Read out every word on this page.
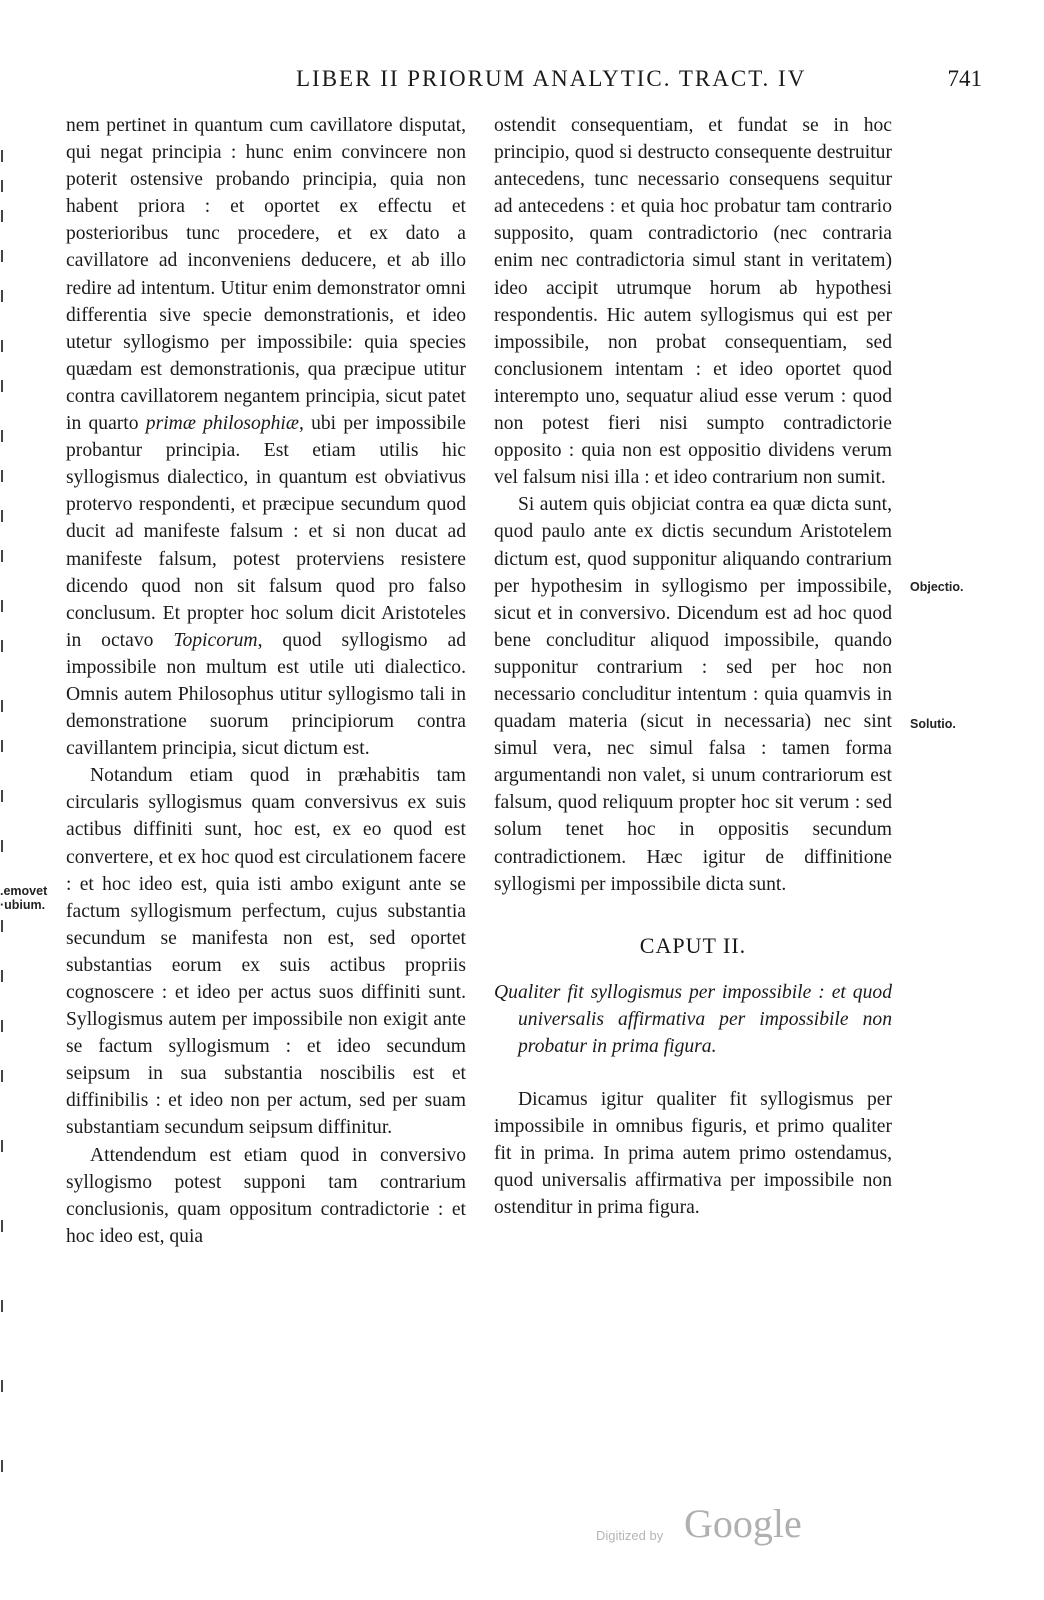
LIBER II PRIORUM ANALYTIC. TRACT. IV	741

nem pertinet in quantum cum cavillatore disputat, qui negat principia : hunc enim convincere non poterit ostensive probando principia, quia non habent priora : et oportet ex effectu et posterioribus tunc procedere, et ex dato a cavillatore ad inconveniens deducere, et ab illo redire ad intentum. Utitur enim demonstrator omni differentia sive specie demonstrationis, et ideo utetur syllogismo per impossibile: quia species quædam est demonstrationis, qua præcipue utitur contra cavillatorem negantem principia, sicut patet in quarto primæ philosophiæ, ubi per impossibile probantur principia. Est etiam utilis hic syllogismus dialectico, in quantum est obviativus protervo respondenti, et præcipue secundum quod ducit ad manifeste falsum : et si non ducat ad manifeste falsum, potest proterviens resistere dicendo quod non sit falsum quod pro falso conclusum. Et propter hoc solum dicit Aristoteles in octavo Topicorum, quod syllogismo ad impossibile non multum est utile uti dialectico. Omnis autem Philosophus utitur syllogismo tali in demonstratione suorum principiorum contra cavillantem principia, sicut dictum est.

Notandum etiam quod in præhabitis tam circularis syllogismus quam conversivus ex suis actibus diffiniti sunt, hoc est, ex eo quod est convertere, et ex hoc quod est circulationem facere : et hoc ideo est, quia isti ambo exigunt ante se factum syllogismum perfectum, cujus substantia secundum se manifesta non est, sed oportet substantias eorum ex suis actibus propriis cognoscere : et ideo per actus suos diffiniti sunt. Syllogismus autem per impossibile non exigit ante se factum syllogismum : et ideo secundum seipsum in sua substantia noscibilis est et diffinibilis : et ideo non per actum, sed per suam substantiam secundum seipsum diffinitur.

Attendendum est etiam quod in conversivo syllogismo potest supponi tam contrarium conclusionis, quam oppositum contradictorie : et hoc ideo est, quia

ostendit consequentiam, et fundat se in hoc principio, quod si destructo consequente destruitur antecedens, tunc necessario consequens sequitur ad antecedens : et quia hoc probatur tam contrario supposito, quam contradictorio (nec contraria enim nec contradictoria simul stant in veritatem) ideo accipit utrumque horum ab hypothesi respondentis. Hic autem syllogismus qui est per impossibile, non probat consequentiam, sed conclusionem intentam : et ideo oportet quod interempto uno, sequatur aliud esse verum : quod non potest fieri nisi sumpto contradictorie opposito : quia non est oppositio dividens verum vel falsum nisi illa : et ideo contrarium non sumit.

Si autem quis objiciat contra ea quæ dicta sunt, quod paulo ante ex dictis secundum Aristotelem dictum est, quod supponitur aliquando contrarium per hypothesim in syllogismo per impossibile, sicut et in conversivo. Dicendum est ad hoc quod bene concluditur aliquod impossibile, quando supponitur contrarium : sed per hoc non necessario concluditur intentum : quia quamvis in quadam materia (sicut in necessaria) nec sint simul vera, nec simul falsa : tamen forma argumentandi non valet, si unum contrariorum est falsum, quod reliquum propter hoc sit verum : sed solum tenet hoc in oppositis secundum contradictionem. Hæc igitur de diffinitione syllogismi per impossibile dicta sunt.

CAPUT II.

Qualiter fit syllogismus per impossibile : et quod universalis affirmativa per impossibile non probatur in prima figura.

Dicamus igitur qualiter fit syllogismus per impossibile in omnibus figuris, et primo qualiter fit in prima. In prima autem primo ostendamus, quod universalis affirmativa per impossibile non ostenditur in prima figura.

.emovet
·ubium.
Objectio.
Solutio.
Digitized by Google
